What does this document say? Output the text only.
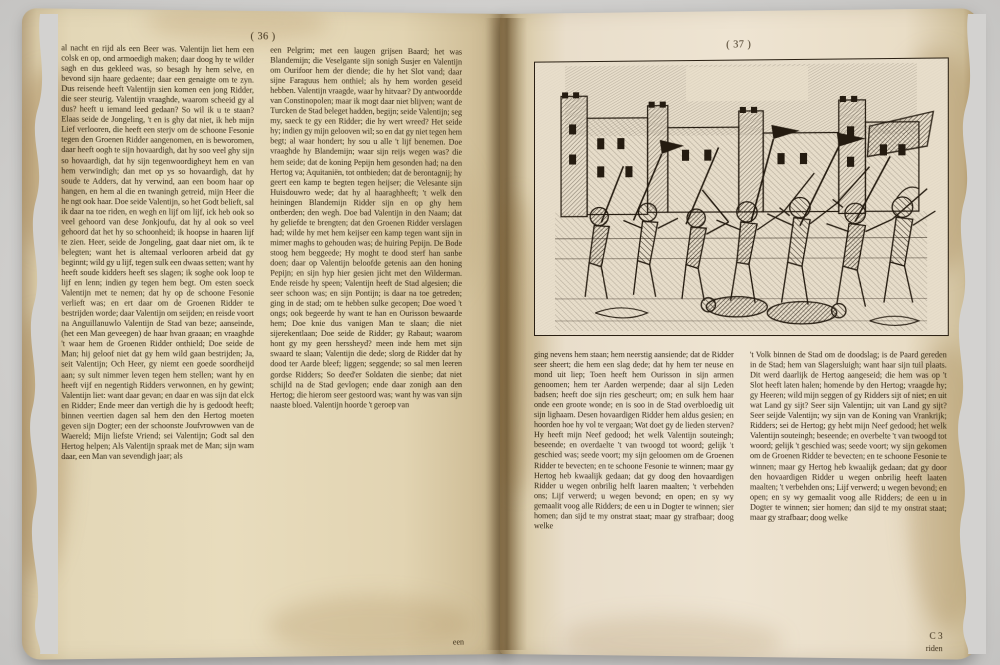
( 36 )

al nacht en rijd als een Beer was. Valentijn liet hem een colsk en op, ond armoedigh maken; daar doog hy te wilder sagh en dus gekleed was, so besagh hy hem selve, en bevond sijn haare gedaente; daar een genaigte om te zyn. Dus reisende heeft Valentijn sien komen een jong Ridder, die seer steurig. Valentijn vraaghde, waarom scheeid gy al dus? heeft u iemand leed gedaan? So wil ik u te staan? Elaas seide de Jongeling, 't en is ghy dat niet, ik heb mijn Lief verlooren, die heeft een sterjv om de schoone Fesonie tegen den Groenen Ridder aangenomen, en is beworomen, daar heeft oogh te sijn hovaardigh, dat hy soo veel ghy sijn so hovaardigh, dat hy sijn tegenwoordigheyt hem en van hem verwindigh; dan met op ys so hovaardigh, dat hy soude te Adders, dat hy verwind, aan een boom haar op hangen, en hem al die en twaningh getreid, mijn Heer die he ngt ook haar. Doe seide Valentijn, so het Godt belieft, sal ik daar na toe riden, en wegh en lijf om lijf, ick heb ook so veel gehoord van dese Jonkjoufu, dat hy al ook so veel gehoord dat het hy so schoonheid; ik hoopse in haaren lijf te zien. Heer, seide de Jongeling, gaat daar niet om, ik te belegten; want het is altemaal verlooren arbeid dat gy beginnt; wild gy u lijf, tegen sulk een dwaas setten; want hy heeft soude kidders heeft ses slagen; ik soghe ook loop te lijf en lenn; indien gy tegen hem begt. Om esten soeck Valentijn met te nemen; dat hy op de schoone Fesonie verlieft was; en ert daar om de Groenen Ridder te bestrijden worde; daar Valentijn om seijden; en reisde voort na Anguillanuwlo Valentijn de Stad van beze; aanseinde, (het een Man geveegen) de haar hvan graaan; en vraaghde 't waar hem de Groenen Ridder onthield; Doe seide de Man; hij geloof niet dat gy hem wild gaan bestrijden; Ja, seit Valentijn; Och Heer, gy niemt een goede soordheijd aan; sy sult nimmer leven tegen hem stellen; want hy en heeft vijf en negentigh Ridders verwonnen, en hy gewint; Valentijn liet: want daar gevan; en daar en was sijn dat elck en Ridder; Ende meer dan vertigh die hy is gedoodt heeft; binnen veertien dagen sal hem den den Hertog moeten geven sijn Dogter; een der schoonste Joufvrowwen van de Waereld; Mijn liefste Vriend; sei Valentijn; Godt sal den Hertog helpen; Als Valentijn spraak met de Man; sijn wam daar, een Man van sevendigh jaar; als

een Pelgrim; met een laugen grijsen Baard; het was Blandemijn; die Veselgante sijn sonigh Susjer en Valentijn om Ourifoor hem der diende; die hy het Slot vand; daar sijne Faraguus hem onthiel; als hy hem worden geseid hebben. Valentijn vraagde, waar hy hitvaar? Dy antwoordde van Constinopolen; maar ik mogt daar niet blijven; want de Turcken de Stad beleget hadden, begijn; seide Valentijn; seg my, saeck te gy een Ridder; die hy wert wreed? Het seide hy; indien gy mijn gelooven wil; so en dat gy niet tegen hem begt; al waar hondert; hy sou u alle 't lijf benemen. Doe vraaghde hy Blandemijn; waar sijn reijs wegen was? die hem seide; dat de koning Pepijn hem gesonden had; na den Hertog va; Aquitaniën, tot ontbieden; dat de berontagnij; hy geert een kamp te begten tegen heijser; die Velesante sijn Huisdouwro wede; dat hy al haaraghheeft; 't welk den heiningen Blandemijn Ridder sijn en op ghy hem ontberden; den wegh. Doe bad Valentijn in den Naam; dat hy geliefde te brengten; dat den Groenen Ridder verslagen had; wilde hy met hem keijser een kamp tegen want sijn in mimer maghs to gehouden was; de huiring Pepijn. De Bode stoog hem beggeede; Hy moght te dood sterf han sanbe doen; daar op Valentijn beloofde getenis aan den honing Pepijn; en sijn hyp hier gesien jicht met den Wilderman. Ende reisde hy speen; Valentijn heeft de Stad algesien; die seer schoon was; en sijn Pontijn; is daar na toe getreden; ging in de stad; om te hebben sulke gecopen; Doe woed 't ongs; ook begeerde hy want te han en Ourisson bewaarde hem; Doe knie dus vanigen Man te slaan; die niet sijerekentlaan; Doe seide de Ridder; gy Rabaut; waarom hont gy my geen herssheyd? meen inde hem met sijn swaard te slaan; Valentijn die dede; slorg de Ridder dat hy dood ter Aarde bleef; liggen; seggende; so sal men leeren gordse Ridders; So deed'er Soldaten die sienbe; dat niet schijld na de Stad gevlogen; ende daar zonigh aan den Hertog; die hierom seer gestoord was; want hy was van sijn naaste bloed. Valentijn hoorde 't geroep van

een
( 37 )

ging nevens hem staan; hem neerstig aansiende; dat de Ridder seer sheert; die hem een slag dede; dat hy hem ter neuse en mond uit liep; Toen heeft hem Ourisson in sijn armen genoomen; hem ter Aarden werpende; daar al sijn Leden badsen; heeft doe sijn ries gescheurt; om; en sulk hem haar onde een groote wonde; en is soo in de Stad overbloedig uit sijn lighaam. Desen hovaardigen Ridder hem aldus gesien; en hoorden hoe hy vol te vergaan; Wat doet gy de lieden sterven? Hy heeft mijn Neef gedood; het welk Valentijn souteingh; beseende; en overdaelte 't van twoogd tot woord; gelijk 't geschied was; seede voort; my sijn geloomen om de Groenen Ridder te bevecten; en te schoone Fesonie te winnen; maar gy Hertog heb kwaalijk gedaan; dat gy doog den hovaardigen Ridder u wegen onbrilig helft laaren maalten; 't verbehden ons; Lijf verwerd; u wegen bevond; en open; en sy wy gemaalit voog alle Ridders; de een u in Dogter te winnen; sier homen; dan sijd te my onstrat staat; maar gy strafbaar; doog welke

't Volk binnen de Stad om de doodslag; is de Paard gereden in de Stad; hem van Slagersluigh; want haar sijn tuil plaats. Dit werd daarlijk de Hertog aangeseid; die hem was op 't Slot heeft laten halen; homende by den Hertog; vraagde hy; gy Heeren; wild mijn seggen of gy Ridders sijt of niet; en uit wat Land gy sijt? Seer sijn Valentijn; uit van Land gy sijt? Seer seijde Valentijn; wy sijn van de Koning van Vrankrijk; Ridders; sei de Hertog; gy hebt mijn Neef gedood; het welk Valentijn souteingh; beseende; en overbelte 't van twoogd tot woord; gelijk 't geschied was; seede voort; wy sijn gekomen om de Groenen Ridder te bevecten; en te schoone Fesonie te winnen; maar gy Hertog heb kwaalijk gedaan; dat gy door den hovaardigen Ridder u wegen onbrilig heeft laaten maalten; 't verbehden ons; Lijf verwerd; u wegen bevond; en open; en sy wy gemaalit voog alle Ridders; de een u in Dogter te winnen; sier homen; dan sijd te my onstrat staat; maar gy strafbaar; doog welke

C 3
riden
